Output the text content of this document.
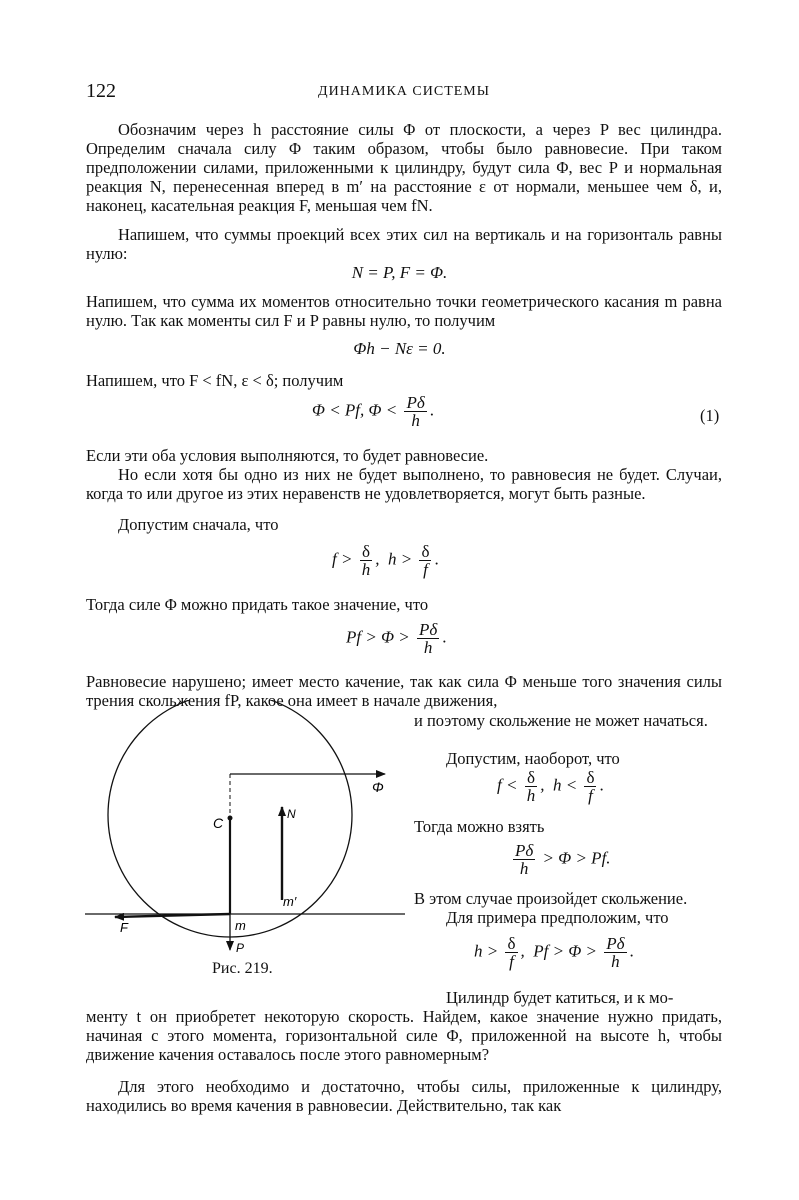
122	ДИНАМИКА СИСТЕМЫ
Обозначим через h расстояние силы Φ от плоскости, а через P вес цилиндра. Определим сначала силу Φ таким образом, чтобы было равновесие. При таком предположении силами, приложенными к цилиндру, будут сила Φ, вес P и нормальная реакция N, перенесенная вперед в m′ на расстояние ε от нормали, меньшее чем δ, и, наконец, касательная реакция F, меньшая чем fN.
Напишем, что суммы проекций всех этих сил на вертикаль и на горизонталь равны нулю:
N = P, F = Φ.
Напишем, что сумма их моментов относительно точки геометрического касания m равна нулю. Так как моменты сил F и P равны нулю, то получим
Φh − Nε = 0.
Напишем, что F < fN, ε < δ; получим
Φ < Pf, $\Phi < \frac{P\delta}{h}$ .	(1)
Если эти оба условия выполняются, то будет равновесие.
Но если хотя бы одно из них не будет выполнено, то равновесия не будет. Случаи, когда то или другое из этих неравенств не удовлетворяется, могут быть разные.
Допустим сначала, что
$f > \frac{\delta}{h}$ ,  $h > \frac{\delta}{f}$ .
Тогда силе Φ можно придать такое значение, что
$Pf > \Phi > \frac{P\delta}{h}$ .
Равновесие нарушено; имеет место качение, так как сила Φ меньше того значения силы трения скольжения fP, какое она имеет в начале движения,
и поэтому скольжение не может начаться.
Допустим, наоборот, что
$f < \frac{\delta}{h}$ ,  $h < \frac{\delta}{f}$ .
Тогда можно взять
$\frac{P\delta}{h} > \Phi > Pf$.
В этом случае произойдет скольжение.
Для примера предположим, что
$h > \frac{\delta}{f}$ ,  $Pf > \Phi > \frac{P\delta}{h}$ .
Цилиндр будет катиться, и к мо-
Φ
C
N
m′
F	m
P
Рис. 219.
менту t он приобретет некоторую скорость. Найдем, какое значение нужно придать, начиная с этого момента, горизонтальной силе Φ, приложенной на высоте h, чтобы движение качения оставалось после этого равномерным?
Для этого необходимо и достаточно, чтобы силы, приложенные к цилиндру, находились во время качения в равновесии. Действительно, так как
